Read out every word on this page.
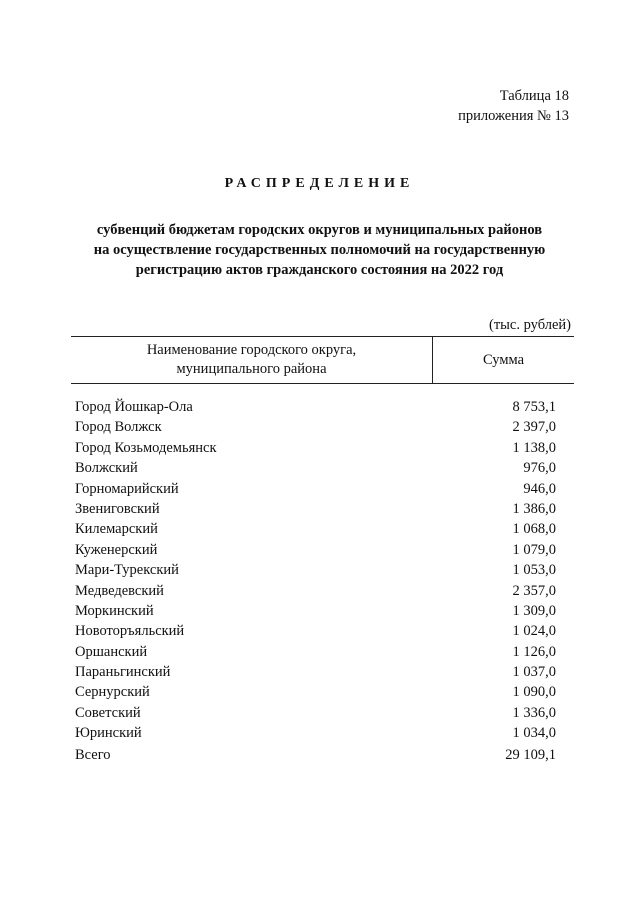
Таблица 18
приложения № 13
РАСПРЕДЕЛЕНИЕ
субвенций бюджетам городских округов и муниципальных районов
на осуществление государственных полномочий на государственную
регистрацию актов гражданского состояния на 2022 год
(тыс. рублей)
Наименование городского округа,
муниципального района
Сумма
Город Йошкар-Ола	8 753,1
Город Волжск	2 397,0
Город Козьмодемьянск	1 138,0
Волжский	976,0
Горномарийский	946,0
Звениговский	1 386,0
Килемарский	1 068,0
Куженерский	1 079,0
Мари-Турекский	1 053,0
Медведевский	2 357,0
Моркинский	1 309,0
Новоторъяльский	1 024,0
Оршанский	1 126,0
Параньгинский	1 037,0
Сернурский	1 090,0
Советский	1 336,0
Юринский	1 034,0
Всего	29 109,1
